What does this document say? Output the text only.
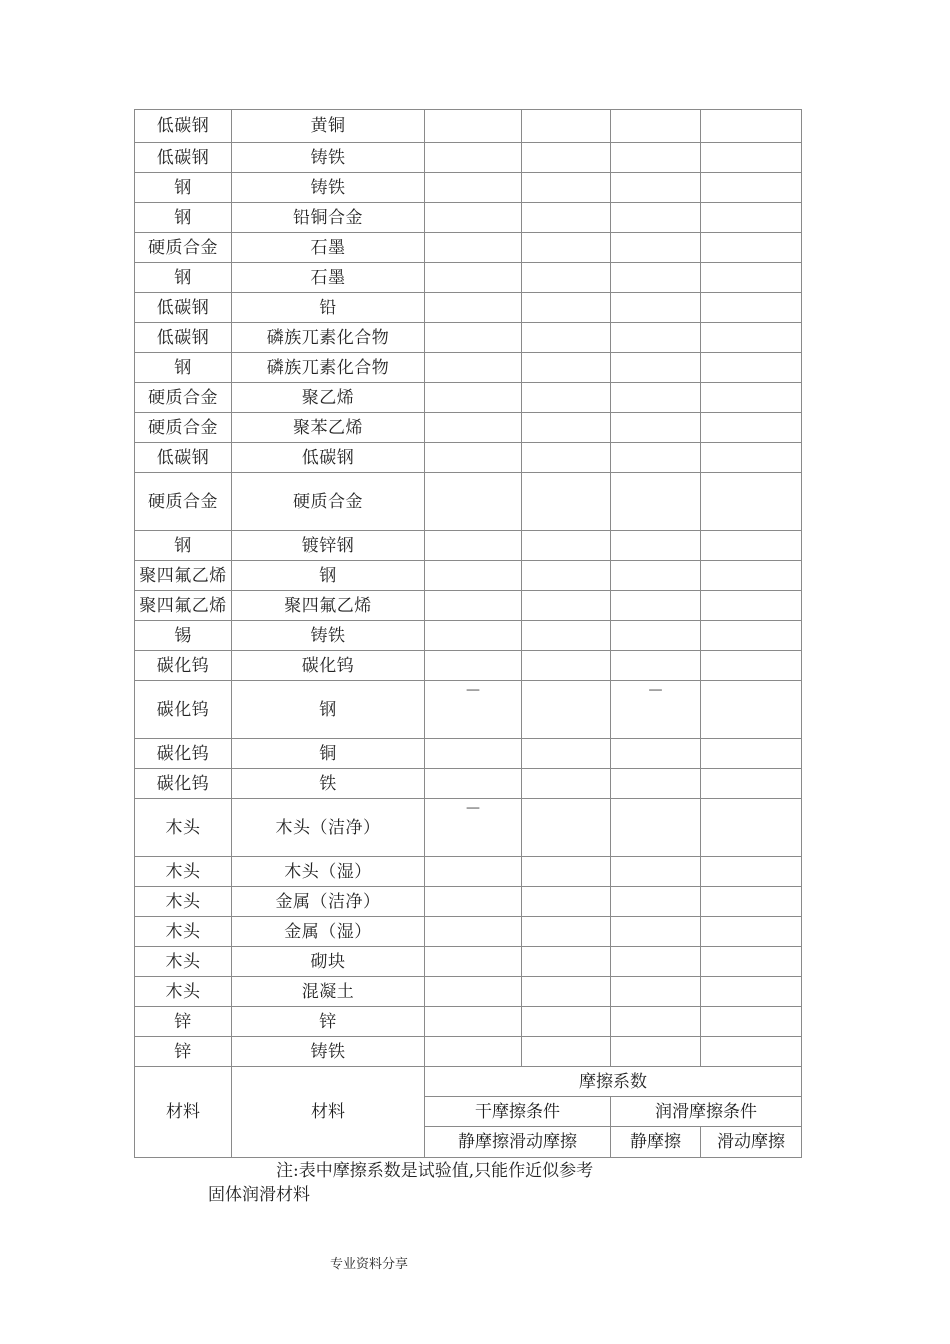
低碳钢	黄铜				
低碳钢	铸铁				
钢	铸铁				
钢	铅铜合金				
硬质合金	石墨				
钢	石墨				
低碳钢	铅				
低碳钢	磷族兀素化合物				
钢	磷族兀素化合物				
硬质合金	聚乙烯				
硬质合金	聚苯乙烯				
低碳钢	低碳钢				
硬质合金	硬质合金				
钢	镀锌钢				
聚四氟乙烯	钢				
聚四氟乙烯	聚四氟乙烯				
锡	铸铁				
碳化钨	碳化钨				
碳化钨	钢	—		—	

碳化钨	铜				
碳化钨	铁				
木头	木头（洁净）	—			

木头	木头（湿）				
木头	金属（洁净）				
木头	金属（湿）				
木头	砌块				
木头	混凝土				
锌	锌				
锌	铸铁				
材料	材料	摩擦系数			
		干摩擦条件		润滑摩擦条件	
		静摩擦滑动摩擦		静摩擦	滑动摩擦
注:表中摩擦系数是试验值,只能作近似参考
固体润滑材料
专业资料分享
